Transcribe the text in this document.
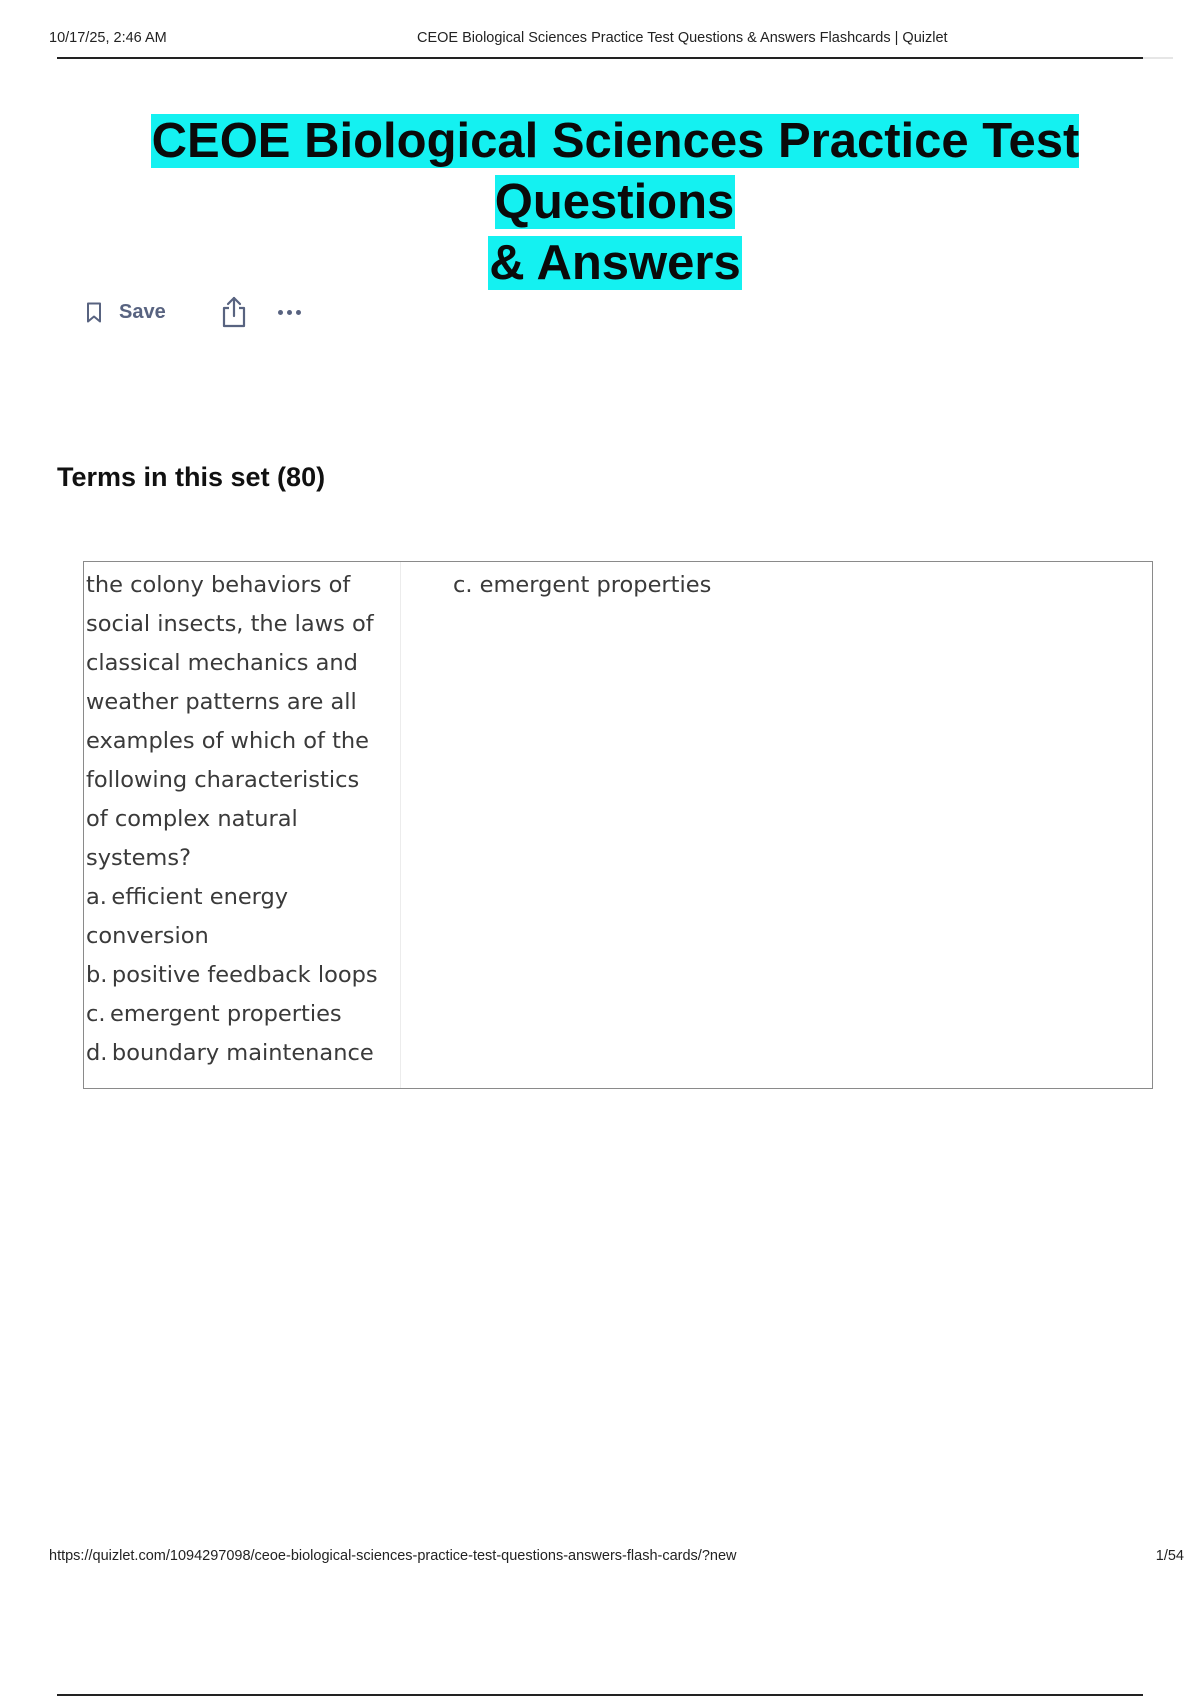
10/17/25, 2:46 AM	CEOE Biological Sciences Practice Test Questions & Answers Flashcards | Quizlet
CEOE Biological Sciences Practice Test Questions
& Answers
Save
Terms in this set (80)
the colony behaviors of
social insects, the laws of
classical mechanics and
weather patterns are all
examples of which of the
following characteristics
of complex natural
systems?
a. efficient energy
conversion
b. positive feedback loops
c. emergent properties
d. boundary maintenance
c. emergent properties
https://quizlet.com/1094297098/ceoe-biological-sciences-practice-test-questions-answers-flash-cards/?new	1/54
